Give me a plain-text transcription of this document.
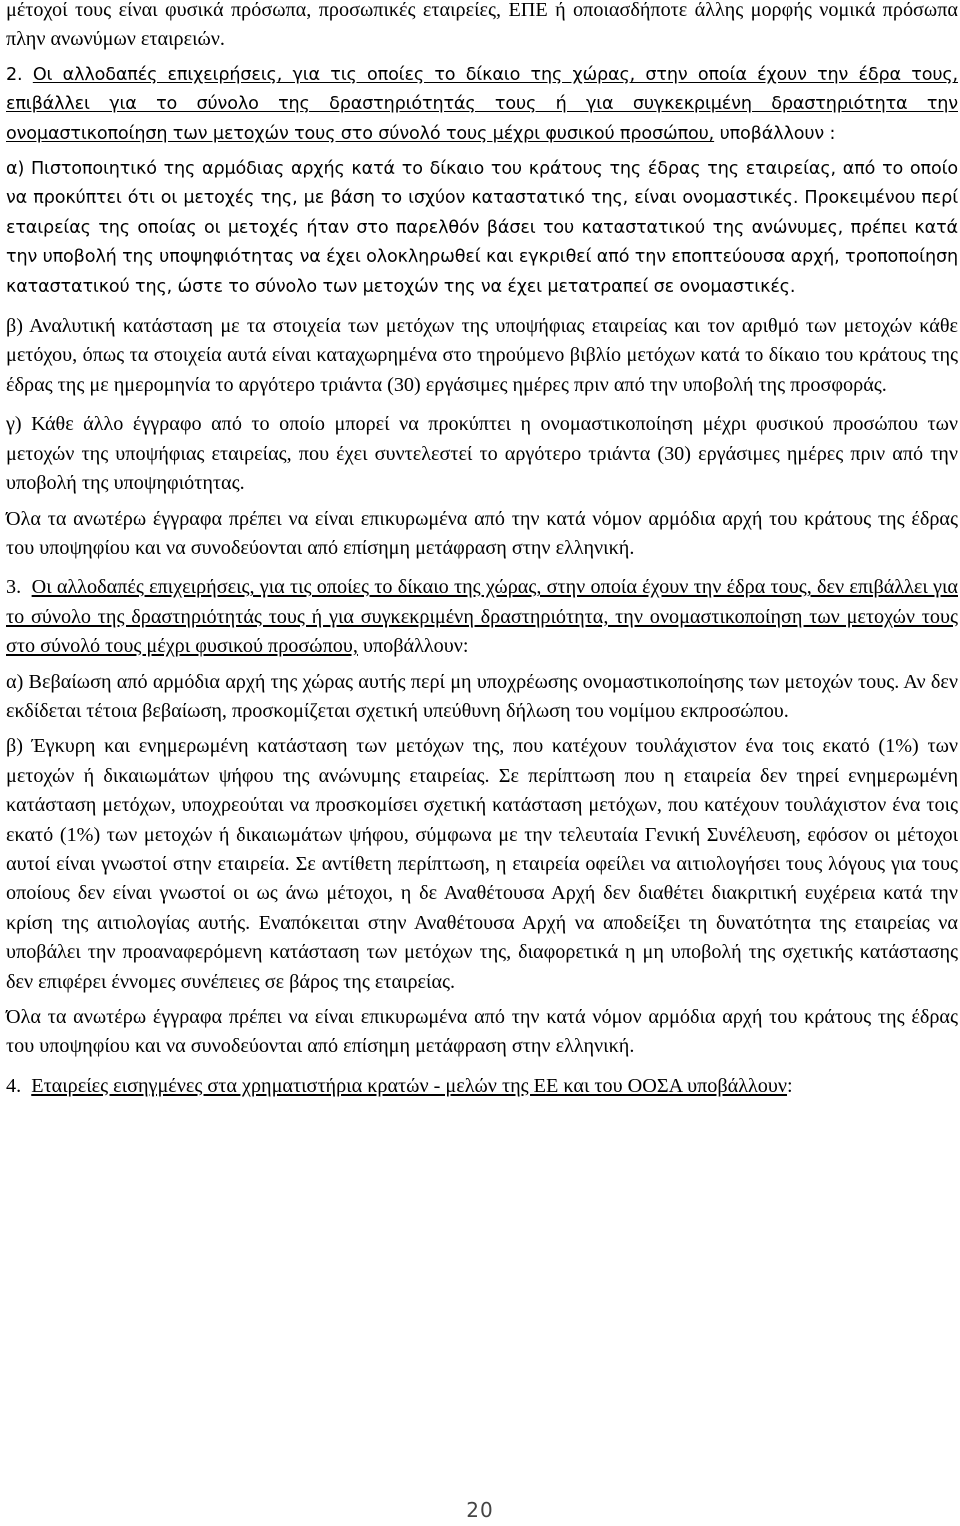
μέτοχοί τους είναι φυσικά πρόσωπα, προσωπικές εταιρείες, ΕΠΕ ή οποιασδήποτε άλλης μορφής νομικά πρόσωπα πλην ανωνύμων εταιρειών.

2. Οι αλλοδαπές επιχειρήσεις, για τις οποίες το δίκαιο της χώρας, στην οποία έχουν την έδρα τους, επιβάλλει για το σύνολο της δραστηριότητάς τους ή για συγκεκριμένη δραστηριότητα την ονομαστικοποίηση των μετοχών τους στο σύνολό τους μέχρι φυσικού προσώπου, υποβάλλουν :

α) Πιστοποιητικό της αρμόδιας αρχής κατά το δίκαιο του κράτους της έδρας της εταιρείας, από το οποίο να προκύπτει ότι οι μετοχές της, με βάση το ισχύον καταστατικό της, είναι ονομαστικές. Προκειμένου περί εταιρείας της οποίας οι μετοχές ήταν στο παρελθόν βάσει του καταστατικού της ανώνυμες, πρέπει κατά την υποβολή της υποψηφιότητας να έχει ολοκληρωθεί και εγκριθεί από την εποπτεύουσα αρχή, τροποποίηση καταστατικού της, ώστε το σύνολο των μετοχών της να έχει μετατραπεί σε ονομαστικές.

β) Αναλυτική κατάσταση με τα στοιχεία των μετόχων της υποψήφιας εταιρείας και τον αριθμό των μετοχών κάθε μετόχου, όπως τα στοιχεία αυτά είναι καταχωρημένα στο τηρούμενο βιβλίο μετόχων κατά το δίκαιο του κράτους της έδρας της με ημερομηνία το αργότερο τριάντα (30) εργάσιμες ημέρες πριν από την υποβολή της προσφοράς.

γ) Κάθε άλλο έγγραφο από το οποίο μπορεί να προκύπτει η ονομαστικοποίηση μέχρι φυσικού προσώπου των μετοχών της υποψήφιας εταιρείας, που έχει συντελεστεί το αργότερο τριάντα (30) εργάσιμες ημέρες πριν από την υποβολή της υποψηφιότητας.

Όλα τα ανωτέρω έγγραφα πρέπει να είναι επικυρωμένα από την κατά νόμον αρμόδια αρχή του κράτους της έδρας του υποψηφίου και να συνοδεύονται από επίσημη μετάφραση στην ελληνική.

3. Οι αλλοδαπές επιχειρήσεις, για τις οποίες το δίκαιο της χώρας, στην οποία έχουν την έδρα τους, δεν επιβάλλει για το σύνολο της δραστηριότητάς τους ή για συγκεκριμένη δραστηριότητα, την ονομαστικοποίηση των μετοχών τους στο σύνολό τους μέχρι φυσικού προσώπου, υποβάλλουν:

α) Βεβαίωση από αρμόδια αρχή της χώρας αυτής περί μη υποχρέωσης ονομαστικοποίησης των μετοχών τους. Αν δεν εκδίδεται τέτοια βεβαίωση, προσκομίζεται σχετική υπεύθυνη δήλωση του νομίμου εκπροσώπου.

β) Έγκυρη και ενημερωμένη κατάσταση των μετόχων της, που κατέχουν τουλάχιστον ένα τοις εκατό (1%) των μετοχών ή δικαιωμάτων ψήφου της ανώνυμης εταιρείας. Σε περίπτωση που η εταιρεία δεν τηρεί ενημερωμένη κατάσταση μετόχων, υποχρεούται να προσκομίσει σχετική κατάσταση μετόχων, που κατέχουν τουλάχιστον ένα τοις εκατό (1%) των μετοχών ή δικαιωμάτων ψήφου, σύμφωνα με την τελευταία Γενική Συνέλευση, εφόσον οι μέτοχοι αυτοί είναι γνωστοί στην εταιρεία. Σε αντίθετη περίπτωση, η εταιρεία οφείλει να αιτιολογήσει τους λόγους για τους οποίους δεν είναι γνωστοί οι ως άνω μέτοχοι, η δε Αναθέτουσα Αρχή δεν διαθέτει διακριτική ευχέρεια κατά την κρίση της αιτιολογίας αυτής. Εναπόκειται στην Αναθέτουσα Αρχή να αποδείξει τη δυνατότητα της εταιρείας να υποβάλει την προαναφερόμενη κατάσταση των μετόχων της, διαφορετικά η μη υποβολή της σχετικής κατάστασης δεν επιφέρει έννομες συνέπειες σε βάρος της εταιρείας.

Όλα τα ανωτέρω έγγραφα πρέπει να είναι επικυρωμένα από την κατά νόμον αρμόδια αρχή του κράτους της έδρας του υποψηφίου και να συνοδεύονται από επίσημη μετάφραση στην ελληνική.

4. Εταιρείες εισηγμένες στα χρηματιστήρια κρατών - μελών της ΕΕ και του ΟΟΣΑ υποβάλλουν:

20
